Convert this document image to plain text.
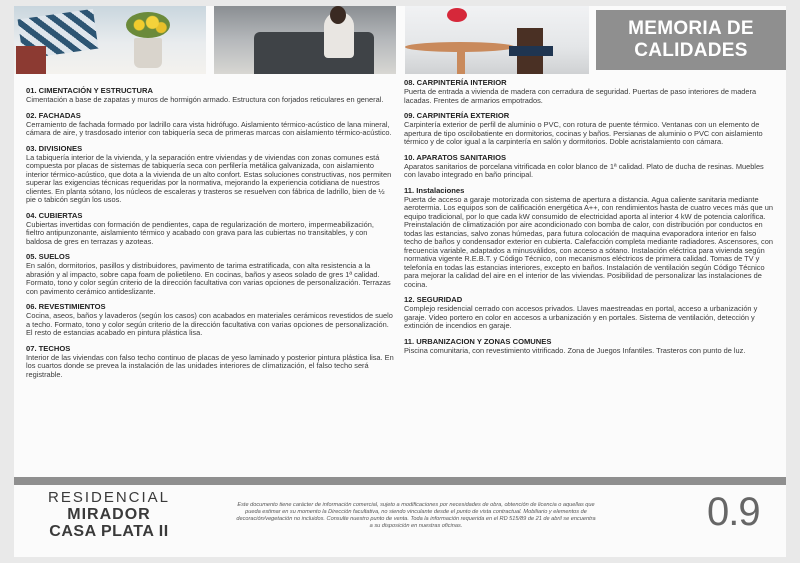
MEMORIA DE
CALIDADES
01. CIMENTACIÓN Y ESTRUCTURA

Cimentación a base de zapatas y muros de hormigón armado. Estructura con forjados reticulares en general.

02. FACHADAS

Cerramiento de fachada formado por ladrillo cara vista hidrófugo. Aislamiento térmico-acústico de lana mineral, cámara de aire, y trasdosado interior con tabiquería seca de primeras marcas con aislamiento térmico-acústico.

03. DIVISIONES

La tabiquería interior de la vivienda, y la separación entre viviendas y de viviendas con zonas comunes está compuesta por placas de sistemas de tabiquería seca con perfilería metálica galvanizada, con aislamiento interior térmico-acústico, que dota a la vivienda de un alto confort. Estas soluciones constructivas, nos permiten superar las exigencias técnicas requeridas por la normativa, mejorando la experiencia cotidiana de nuestros clientes. En planta sótano, los núcleos de escaleras y trasteros se resuelven con fábrica de ladrillo, bien de ½ pie o tabicón según los usos.

04. CUBIERTAS

Cubiertas invertidas con formación de pendientes, capa de regularización de mortero, impermeabilización, fieltro antipunzonante, aislamiento térmico y acabado con grava para las cubiertas no transitables, y con baldosa de gres en terrazas y azoteas.

05. SUELOS

En salón, dormitorios, pasillos y distribuidores, pavimento de tarima estratificada, con alta resistencia a la abrasión y al impacto, sobre capa foam de polietileno. En cocinas, baños y aseos solado de gres 1ª calidad. Formato, tono y color según criterio de la dirección facultativa con varias opciones de personalización. Terrazas con pavimento cerámico antideslizante.

06. REVESTIMIENTOS

Cocina, aseos, baños y lavaderos (según los casos) con acabados en materiales cerámicos revestidos de suelo a techo. Formato, tono y color según criterio de la dirección facultativa con varias opciones de personalización. El resto de estancias acabado en pintura plástica lisa.

07. TECHOS

Interior de las viviendas con falso techo continuo de placas de yeso laminado y posterior pintura plástica lisa. En los cuartos donde se prevea la instalación de las unidades interiores de climatización, el falso techo será registrable.

08. CARPINTERÍA INTERIOR

Puerta de entrada a vivienda de madera con cerradura de seguridad. Puertas de paso interiores de madera lacadas. Frentes de armarios empotrados.

09. CARPINTERÍA EXTERIOR

Carpintería exterior de perfil de aluminio o PVC, con rotura de puente térmico. Ventanas con un elemento de apertura de tipo oscilobatiente en dormitorios, cocinas y baños. Persianas de aluminio o PVC con aislamiento térmico y de color igual a la carpintería en salón y dormitorios. Doble acristalamiento con cámara.

10. APARATOS SANITARIOS

Aparatos sanitarios de porcelana vitrificada en color blanco de 1ª calidad. Plato de ducha de resinas. Muebles con lavabo integrado en baño principal.

11. Instalaciones

Puerta de acceso a garaje motorizada con sistema de apertura a distancia. Agua caliente sanitaria mediante aerotermia. Los equipos son de calificación energética A++, con rendimientos hasta de cuatro veces más que un equipo tradicional, por lo que cada kW consumido de electricidad aporta al interior 4 kW de potencia calorífica. Preinstalación de climatización por aire acondicionado con bomba de calor, con distribución por conductos en todas las estancias, salvo zonas húmedas, para futura colocación de maquina evaporadora interior en falso techo de baños y condensador exterior en cubierta. Calefacción completa mediante radiadores. Ascensores, con frecuencia variable, adaptados a minusválidos, con acceso a sótano. Instalación eléctrica para vivienda según normativa vigente R.E.B.T. y Código Técnico, con mecanismos eléctricos de primera calidad. Tomas de TV y telefonía en todas las estancias interiores, excepto en baños. Instalación de ventilación según Código Técnico para mejorar la calidad del aire en el interior de las viviendas. Posibilidad de personalizar las instalaciones de cocina.

12. SEGURIDAD

Complejo residencial cerrado con accesos privados. Llaves maestreadas en portal, acceso a urbanización y garaje. Video portero en color en accesos a urbanización y en portales. Sistema de ventilación, detección y extinción de incendios en garaje.

11. URBANIZACION Y ZONAS COMUNES

Piscina comunitaria, con revestimiento vitrificado. Zona de Juegos Infantiles. Trasteros con punto de luz.

RESIDENCIAL
MIRADOR
CASA PLATA II
Este documento tiene carácter de información comercial, sujeto a modificaciones por necesidades de obra, obtención de licencia o aquellas que pueda estimar en su momento la Dirección facultativa, no siendo vinculante desde el punto de vista contractual. Mobiliario y elementos de decoración/vegetación no incluidos. Consulte nuestro punto de venta. Toda la información requerida en el RD 515/89 de 21 de abril se encuentra a su disposición en nuestras oficinas.	0.9
